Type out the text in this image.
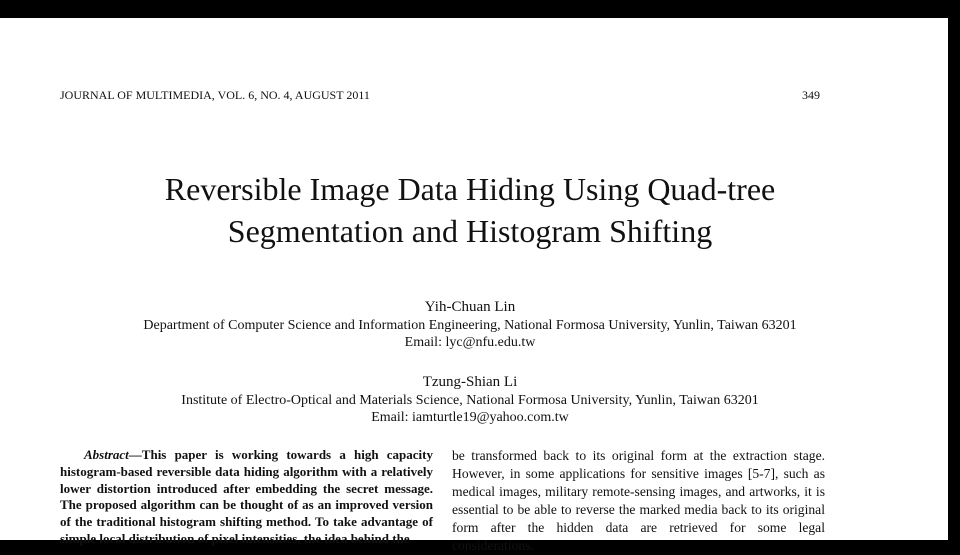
JOURNAL OF MULTIMEDIA, VOL. 6, NO. 4, AUGUST 2011	349
Reversible Image Data Hiding Using Quad-tree
Segmentation and Histogram Shifting
Yih-Chuan Lin
Department of Computer Science and Information Engineering, National Formosa University, Yunlin, Taiwan 63201
Email: lyc@nfu.edu.tw
Tzung-Shian Li
Institute of Electro-Optical and Materials Science, National Formosa University, Yunlin, Taiwan 63201
Email: iamturtle19@yahoo.com.tw
Abstract—This paper is working towards a high capacity histogram-based reversible data hiding algorithm with a relatively lower distortion introduced after embedding the secret message. The proposed algorithm can be thought of as an improved version of the traditional histogram shifting method. To take advantage of simple local distribution of pixel intensities, the idea behind the
be transformed back to its original form at the extraction stage. However, in some applications for sensitive images [5-7], such as medical images, military remote-sensing images, and artworks, it is essential to be able to reverse the marked media back to its original form after the hidden data are retrieved for some legal considerations.
